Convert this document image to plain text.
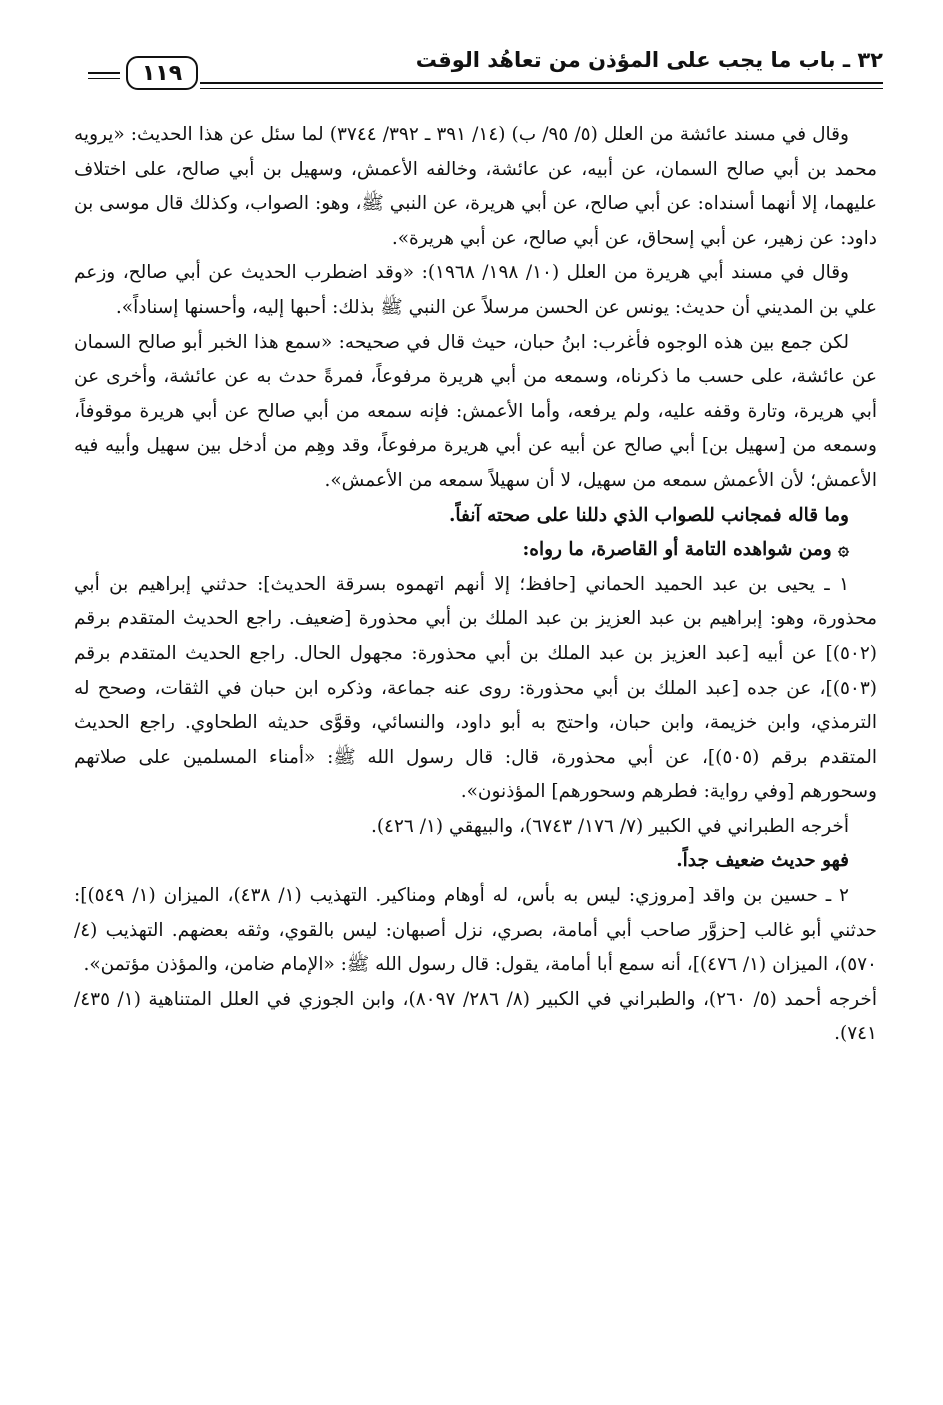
٣٢ ـ باب ما يجب على المؤذن من تعاهُد الوقت
١١٩

وقال في مسند عائشة من العلل (٥/ ٩٥/ ب) (١٤/ ٣٩١ ـ ٣٩٢/ ٣٧٤٤) لما سئل عن هذا الحديث: «يرويه محمد بن أبي صالح السمان، عن أبيه، عن عائشة، وخالفه الأعمش، وسهيل بن أبي صالح، على اختلاف عليهما، إلا أنهما أسنداه: عن أبي صالح، عن أبي هريرة، عن النبي ﷺ، وهو: الصواب، وكذلك قال موسى بن داود: عن زهير، عن أبي إسحاق، عن أبي صالح، عن أبي هريرة».

وقال في مسند أبي هريرة من العلل (١٠/ ١٩٨/ ١٩٦٨): «وقد اضطرب الحديث عن أبي صالح، وزعم علي بن المديني أن حديث: يونس عن الحسن مرسلاً عن النبي ﷺ بذلك: أحبها إليه، وأحسنها إسناداً».

لكن جمع بين هذه الوجوه فأغرب: ابنُ حبان، حيث قال في صحيحه: «سمع هذا الخبر أبو صالح السمان عن عائشة، على حسب ما ذكرناه، وسمعه من أبي هريرة مرفوعاً، فمرةً حدث به عن عائشة، وأخرى عن أبي هريرة، وتارة وقفه عليه، ولم يرفعه، وأما الأعمش: فإنه سمعه من أبي صالح عن أبي هريرة موقوفاً، وسمعه من [سهيل بن] أبي صالح عن أبيه عن أبي هريرة مرفوعاً، وقد وهِم من أدخل بين سهيل وأبيه فيه الأعمش؛ لأن الأعمش سمعه من سهيل، لا أن سهيلاً سمعه من الأعمش».

وما قاله فمجانب للصواب الذي دللنا على صحته آنفاً.

۞ ومن شواهده التامة أو القاصرة، ما رواه:

١ ـ يحيى بن عبد الحميد الحماني [حافظ؛ إلا أنهم اتهموه بسرقة الحديث]: حدثني إبراهيم بن أبي محذورة، وهو: إبراهيم بن عبد العزيز بن عبد الملك بن أبي محذورة [ضعيف. راجع الحديث المتقدم برقم (٥٠٢)] عن أبيه [عبد العزيز بن عبد الملك بن أبي محذورة: مجهول الحال. راجع الحديث المتقدم برقم (٥٠٣)]، عن جده [عبد الملك بن أبي محذورة: روى عنه جماعة، وذكره ابن حبان في الثقات، وصحح له الترمذي، وابن خزيمة، وابن حبان، واحتج به أبو داود، والنسائي، وقوَّى حديثه الطحاوي. راجع الحديث المتقدم برقم (٥٠٥)]، عن أبي محذورة، قال: قال رسول الله ﷺ: «أمناء المسلمين على صلاتهم وسحورهم [وفي رواية: فطرهم وسحورهم] المؤذنون».

أخرجه الطبراني في الكبير (٧/ ١٧٦/ ٦٧٤٣)، والبيهقي (١/ ٤٢٦).

فهو حديث ضعيف جداً.

٢ ـ حسين بن واقد [مروزي: ليس به بأس، له أوهام ومناكير. التهذيب (١/ ٤٣٨)، الميزان (١/ ٥٤٩)]: حدثني أبو غالب [حزوَّر صاحب أبي أمامة، بصري، نزل أصبهان: ليس بالقوي، وثقه بعضهم. التهذيب (٤/ ٥٧٠)، الميزان (١/ ٤٧٦)]، أنه سمع أبا أمامة، يقول: قال رسول الله ﷺ: «الإمام ضامن، والمؤذن مؤتمن».

أخرجه أحمد (٥/ ٢٦٠)، والطبراني في الكبير (٨/ ٢٨٦/ ٨٠٩٧)، وابن الجوزي في العلل المتناهية (١/ ٤٣٥/ ٧٤١).
